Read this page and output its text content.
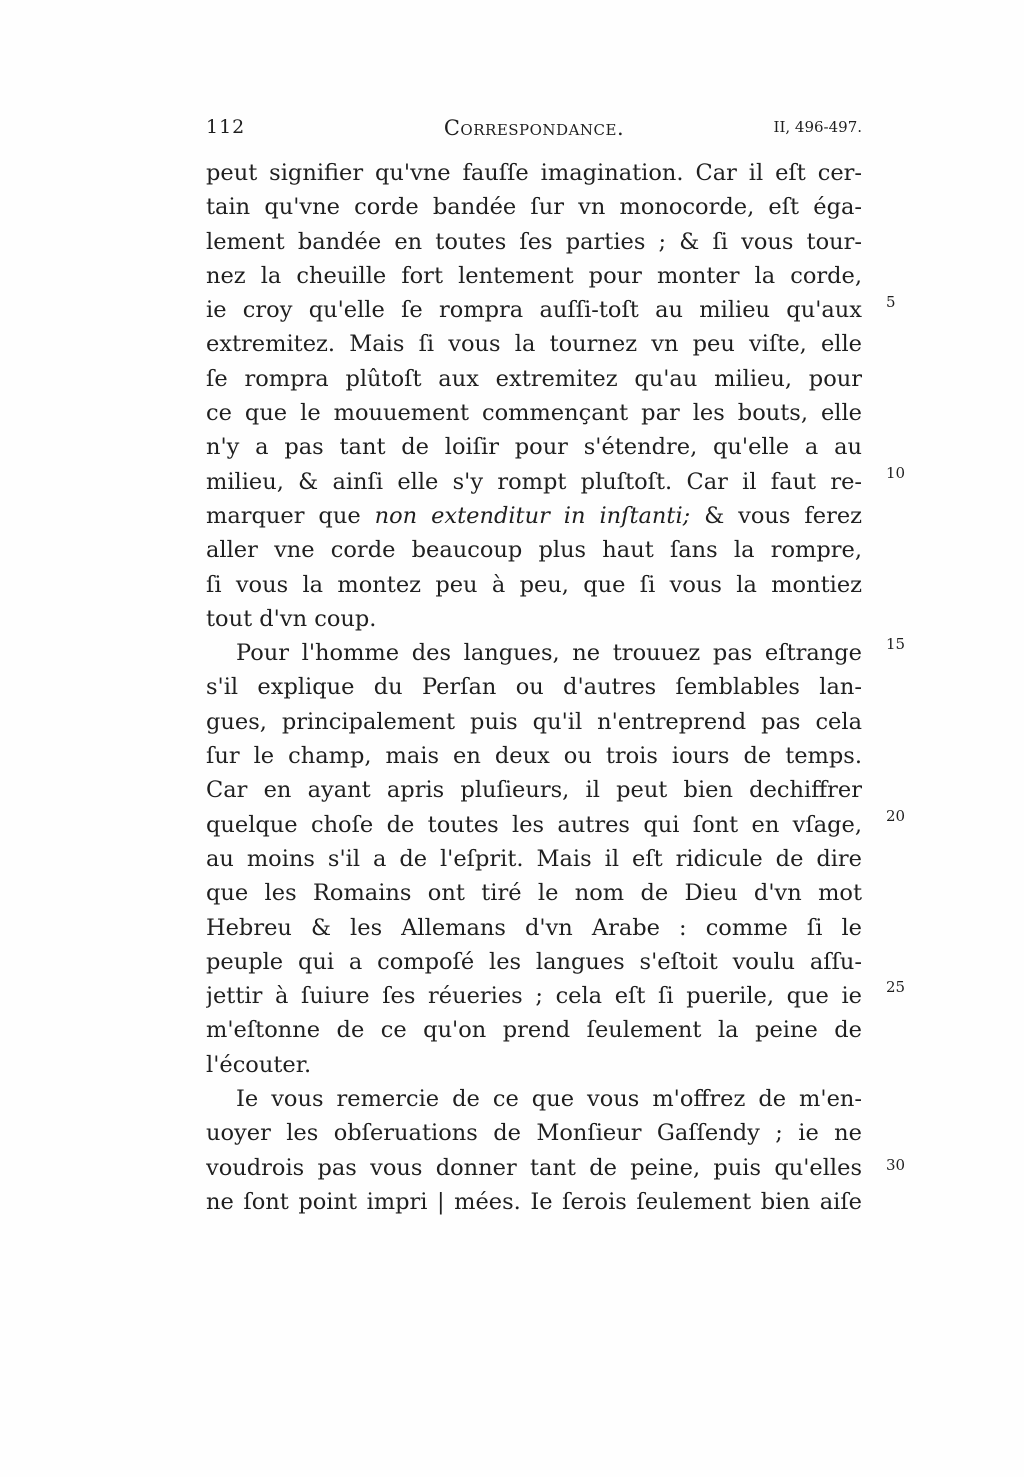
112	Correspondance.	II, 496-497.
peut signifier qu'vne fauſſe imagination. Car il eſt cer-
tain qu'vne corde bandée ſur vn monocorde, eſt éga-
lement bandée en toutes ſes parties ; & ſi vous tour-
nez la cheuille fort lentement pour monter la corde,
ie croy qu'elle ſe rompra auſſi-toſt au milieu qu'aux
extremitez. Mais ſi vous la tournez vn peu viſte, elle
ſe rompra plûtoſt aux extremitez qu'au milieu, pour
ce que le mouuement commençant par les bouts, elle
n'y a pas tant de loiſir pour s'étendre, qu'elle a au
milieu, & ainſi elle s'y rompt pluſtoſt. Car il faut re-
marquer que non extenditur in inſtanti; & vous ferez
aller vne corde beaucoup plus haut ſans la rompre,
ſi vous la montez peu à peu, que ſi vous la montiez
tout d'vn coup.
Pour l'homme des langues, ne trouuez pas eſtrange
s'il explique du Perſan ou d'autres ſemblables lan-
gues, principalement puis qu'il n'entreprend pas cela
ſur le champ, mais en deux ou trois iours de temps.
Car en ayant apris pluſieurs, il peut bien dechiffrer
quelque choſe de toutes les autres qui ſont en vſage,
au moins s'il a de l'eſprit. Mais il eſt ridicule de dire
que les Romains ont tiré le nom de Dieu d'vn mot
Hebreu & les Allemans d'vn Arabe : comme ſi le
peuple qui a compoſé les langues s'eſtoit voulu aſſu-
jettir à ſuiure ſes réueries ; cela eſt ſi puerile, que ie
m'eſtonne de ce qu'on prend ſeulement la peine de
l'écouter.
Ie vous remercie de ce que vous m'offrez de m'en-
uoyer les obſeruations de Monſieur Gaſſendy ; ie ne
voudrois pas vous donner tant de peine, puis qu'elles
ne ſont point impri | mées. Ie ſerois ſeulement bien aiſe
5
10
15
20
25
30
